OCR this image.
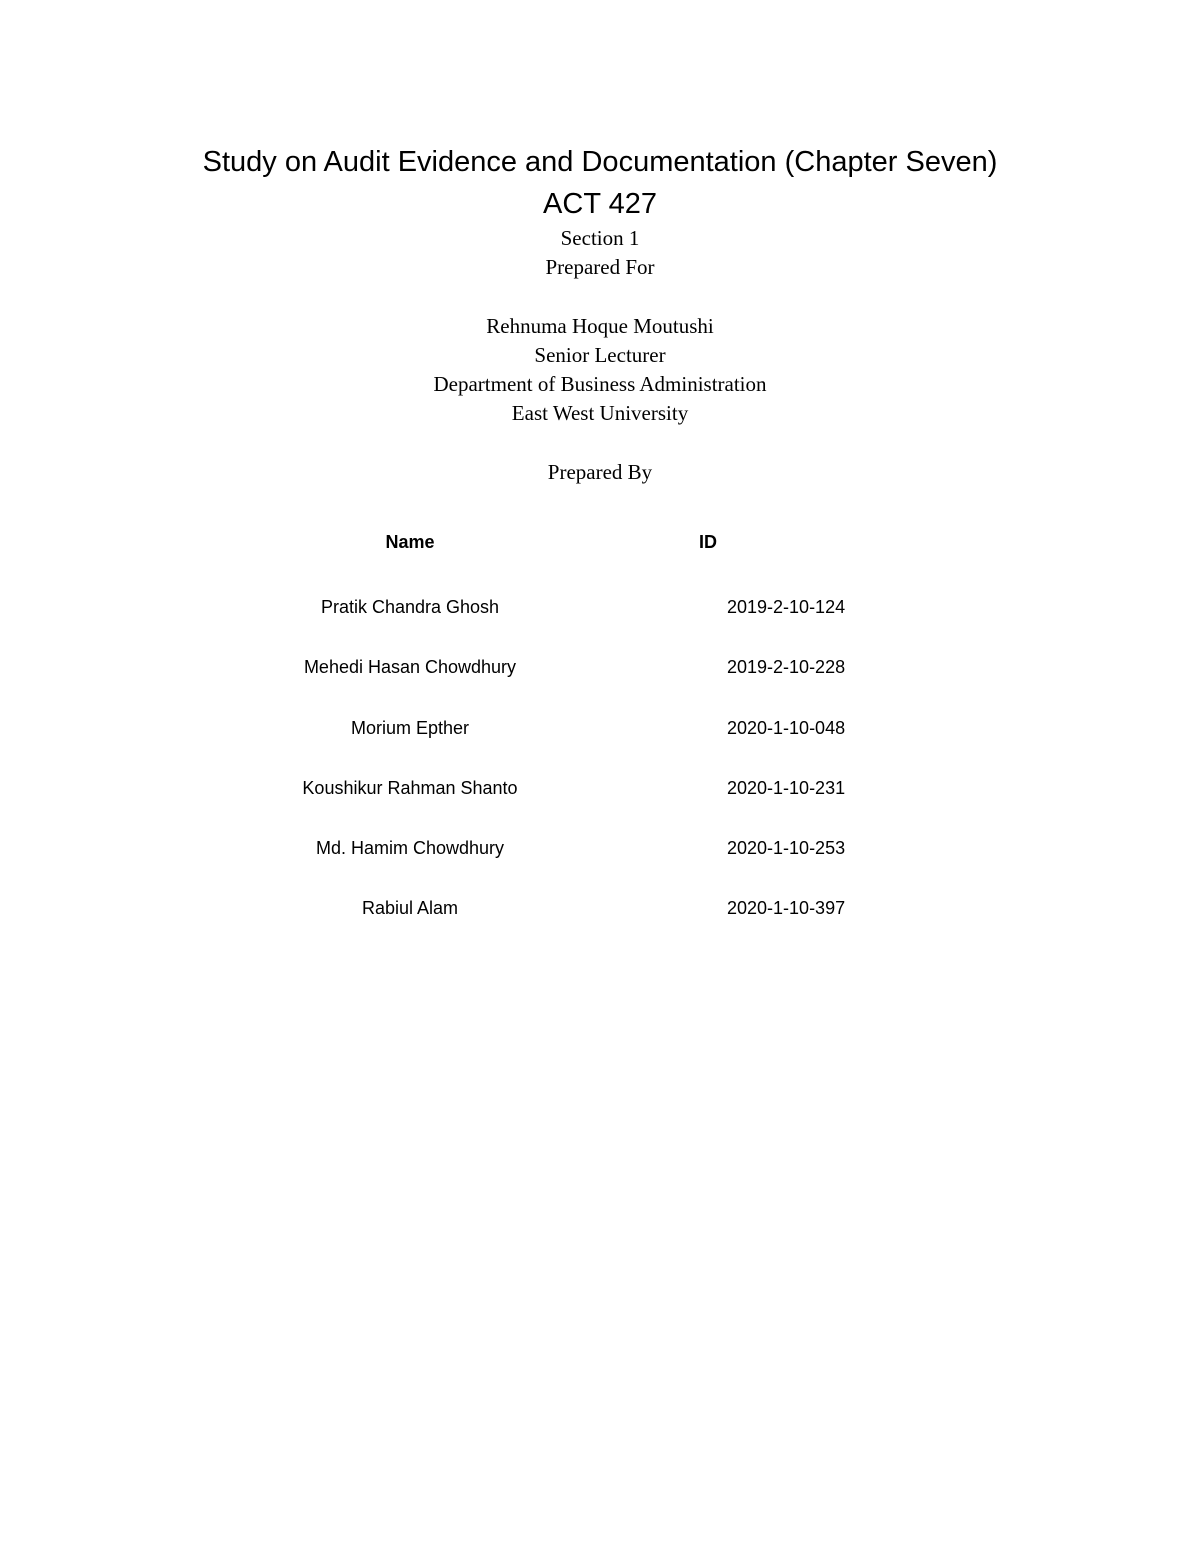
Study on Audit Evidence and Documentation (Chapter Seven)
ACT 427
Section 1
Prepared For
Rehnuma Hoque Moutushi
Senior Lecturer
Department of Business Administration
East West University
Prepared By
Name	ID
Pratik Chandra Ghosh	2019-2-10-124
Mehedi Hasan Chowdhury	2019-2-10-228
Morium Epther	2020-1-10-048
Koushikur Rahman Shanto	2020-1-10-231
Md. Hamim Chowdhury	2020-1-10-253
Rabiul Alam	2020-1-10-397
